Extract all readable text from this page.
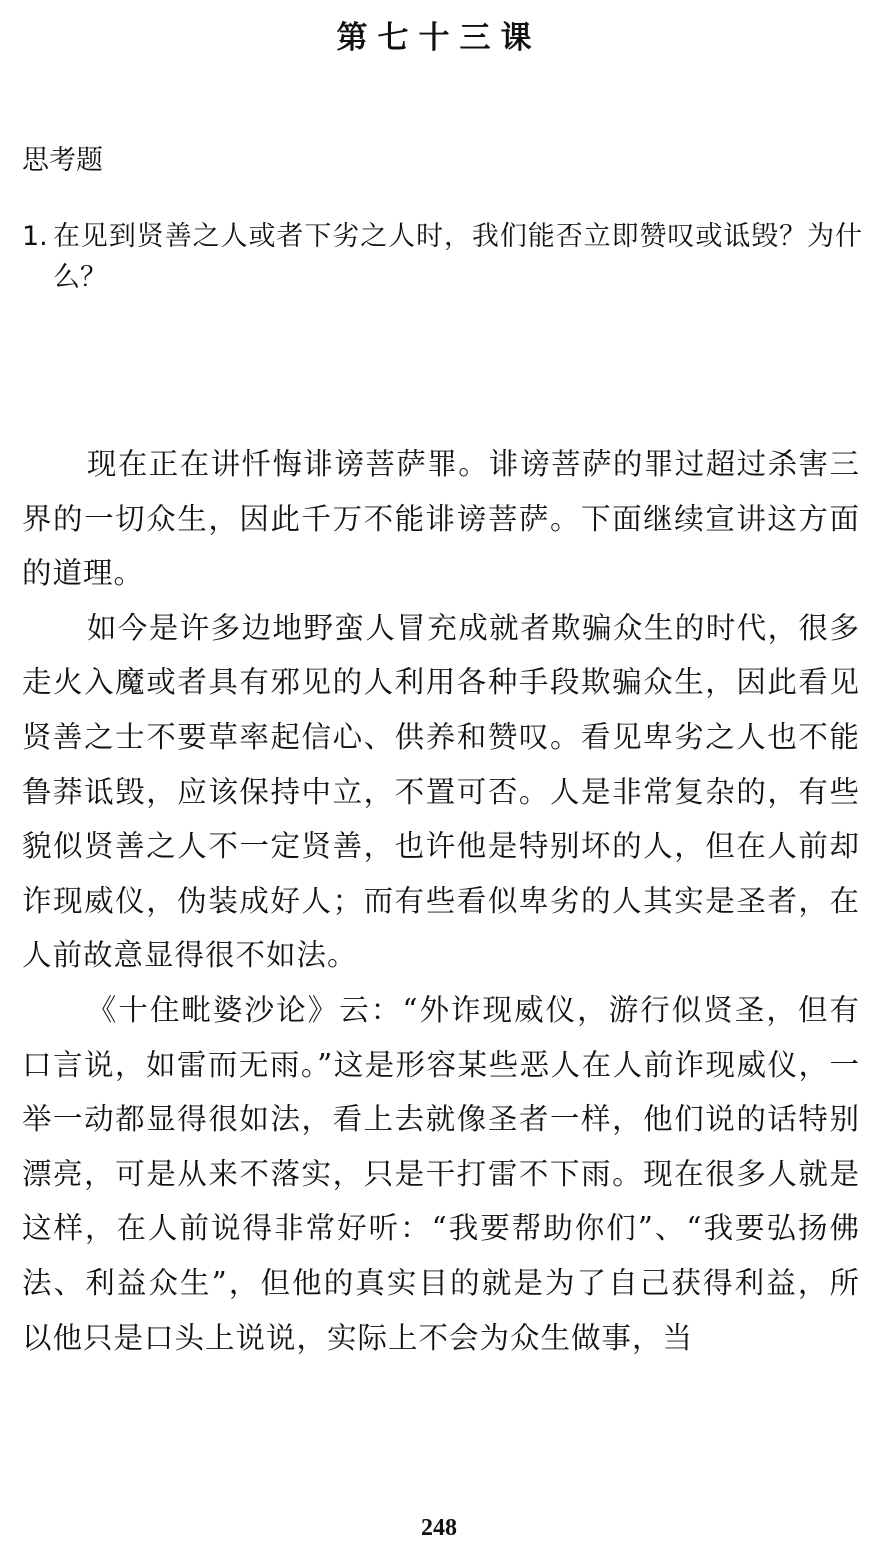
第七十三课
思考题
1. 在见到贤善之人或者下劣之人时，我们能否立即赞叹或诋毁？为什么？

现在正在讲忏悔诽谤菩萨罪。诽谤菩萨的罪过超过杀害三界的一切众生，因此千万不能诽谤菩萨。下面继续宣讲这方面的道理。

如今是许多边地野蛮人冒充成就者欺骗众生的时代，很多走火入魔或者具有邪见的人利用各种手段欺骗众生，因此看见贤善之士不要草率起信心、供养和赞叹。看见卑劣之人也不能鲁莽诋毁，应该保持中立，不置可否。人是非常复杂的，有些貌似贤善之人不一定贤善，也许他是特别坏的人，但在人前却诈现威仪，伪装成好人；而有些看似卑劣的人其实是圣者，在人前故意显得很不如法。

《十住毗婆沙论》云：“外诈现威仪，游行似贤圣，但有口言说，如雷而无雨。”这是形容某些恶人在人前诈现威仪，一举一动都显得很如法，看上去就像圣者一样，他们说的话特别漂亮，可是从来不落实，只是干打雷不下雨。现在很多人就是这样，在人前说得非常好听：“我要帮助你们”、“我要弘扬佛法、利益众生”，但他的真实目的就是为了自己获得利益，所以他只是口头上说说，实际上不会为众生做事，当

248
